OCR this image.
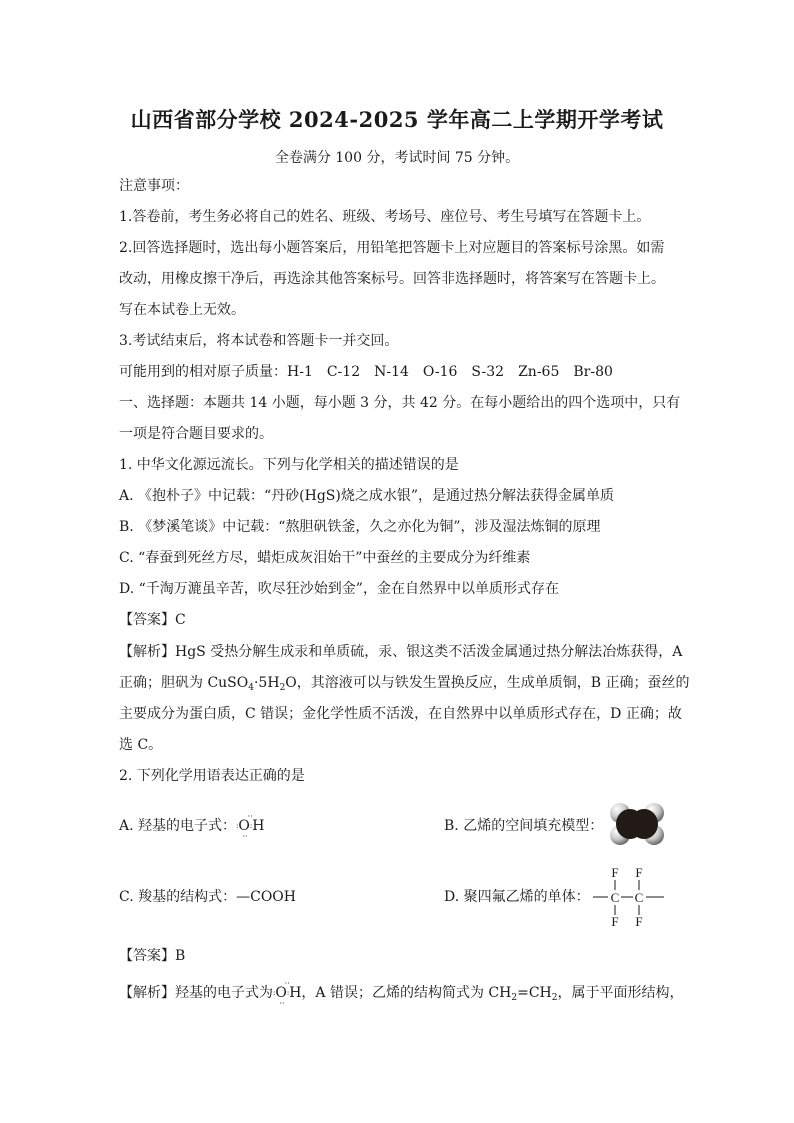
山西省部分学校 2024-2025 学年高二上学期开学考试
全卷满分 100 分，考试时间 75 分钟。
注意事项：
1.答卷前，考生务必将自己的姓名、班级、考场号、座位号、考生号填写在答题卡上。
2.回答选择题时，选出每小题答案后，用铅笔把答题卡上对应题目的答案标号涂黑。如需
改动，用橡皮擦干净后，再选涂其他答案标号。回答非选择题时，将答案写在答题卡上。
写在本试卷上无效。
3.考试结束后，将本试卷和答题卡一并交回。
可能用到的相对原子质量：H-1　C-12　N-14　O-16　S-32　Zn-65　Br-80
一、选择题：本题共 14 小题，每小题 3 分，共 42 分。在每小题给出的四个选项中，只有
一项是符合题目要求的。
1. 中华文化源远流长。下列与化学相关的描述错误的是
A. 《抱朴子》中记载：“丹砂(HgS)烧之成水银”，是通过热分解法获得金属单质
B. 《梦溪笔谈》中记载：“熬胆矾铁釜，久之亦化为铜”，涉及湿法炼铜的原理
C. “春蚕到死丝方尽，蜡炬成灰泪始干”中蚕丝的主要成分为纤维素
D. “千淘万漉虽辛苦，吹尽狂沙始到金”，金在自然界中以单质形式存在
【答案】C
【解析】HgS 受热分解生成汞和单质硫，汞、银这类不活泼金属通过热分解法冶炼获得，A
正确；胆矾为 $CuSO_4\cdot 5H_2O$，其溶液可以与铁发生置换反应，生成单质铜，B 正确；蚕丝的
主要成分为蛋白质，C 错误；金化学性质不活泼，在自然界中以单质形式存在，D 正确；故
选 C。
2. 下列化学用语表达正确的是
A. 羟基的电子式：
··
:O:H
··
B. 乙烯的空间填充模型：
C. 羧基的结构式：—COOH	D. 聚四氟乙烯的单体：
F F
C C
F F
【答案】B
【解析】羟基的电子式为
··
:O:H
··
，A 错误；乙烯的结构简式为 $CH_2=CH_2$，属于平面形结构，
